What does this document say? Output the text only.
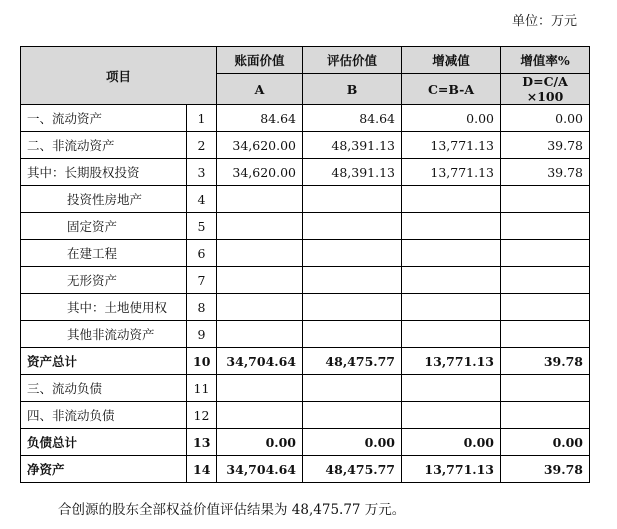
单位：万元
项目		账面价值	评估价值	增减值	增值率%
		A	B	C=B-A	D=C/A ×100
一、流动资产	1	84.64	84.64	0.00	0.00
二、非流动资产	2	34,620.00	48,391.13	13,771.13	39.78
其中：长期股权投资	3	34,620.00	48,391.13	13,771.13	39.78
投资性房地产	4				
固定资产	5				
在建工程	6				
无形资产	7				
其中：土地使用权	8				
其他非流动资产	9				
资产总计	10	34,704.64	48,475.77	13,771.13	39.78
三、流动负债	11				
四、非流动负债	12				
负债总计	13	0.00	0.00	0.00	0.00
净资产	14	34,704.64	48,475.77	13,771.13	39.78
合创源的股东全部权益价值评估结果为 48,475.77 万元。
